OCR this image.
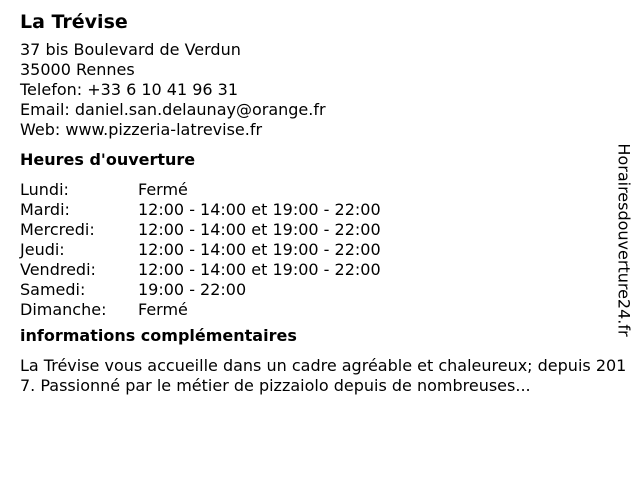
La Trévise
37 bis Boulevard de Verdun
35000 Rennes
Telefon: +33 6 10 41 96 31
Email: daniel.san.delaunay@orange.fr
Web: www.pizzeria-latrevise.fr
Heures d'ouverture
Lundi:	Fermé
Mardi:	12:00 - 14:00 et 19:00 - 22:00
Mercredi:	12:00 - 14:00 et 19:00 - 22:00
Jeudi:	12:00 - 14:00 et 19:00 - 22:00
Vendredi:	12:00 - 14:00 et 19:00 - 22:00
Samedi:	19:00 - 22:00
Dimanche:	Fermé
informations complémentaires
La Trévise vous accueille dans un cadre agréable et chaleureux; depuis 2017. Passionné par le métier de pizzaiolo depuis de nombreuses...
Horairesdouverture24.fr
